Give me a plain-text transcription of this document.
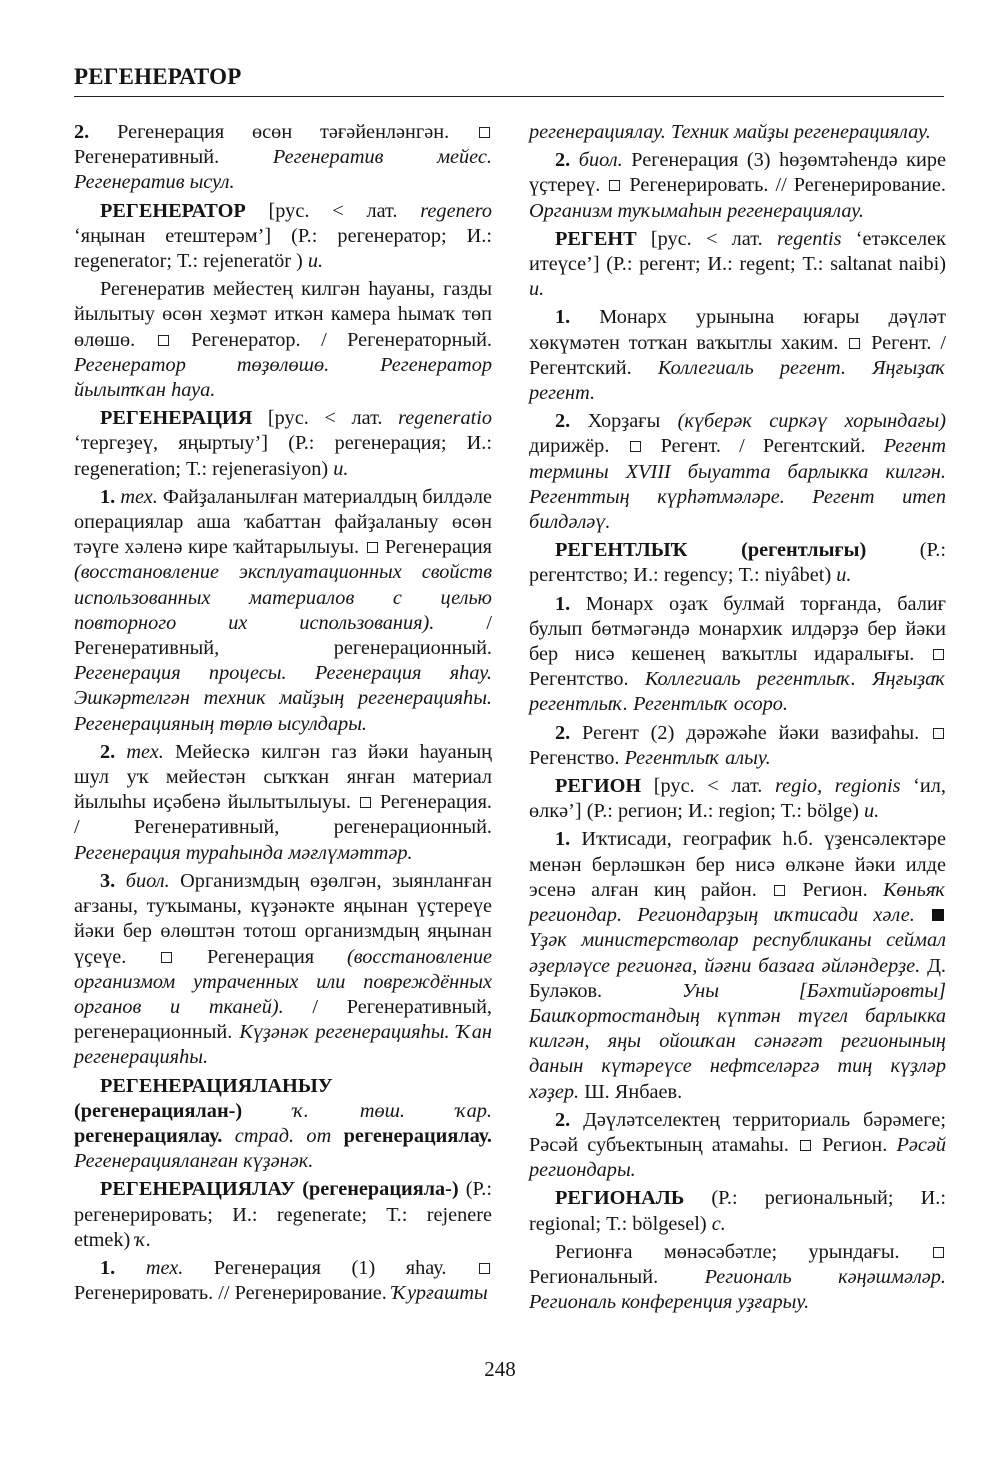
РЕГЕНЕРАТОР

2. Регенерация өсөн тәғәйенләнгән.  Регенеративный. Регенератив мейес. Регенератив ысул.

РЕГЕНЕРАТОР [рус. < лат. regenero ‘яңынан етештерәм’] (Р.: регенератор; И.: regenerator; Т.: rejeneratör ) и.

Регенератив мейестең килгән һауаны, газды йылытыу өсөн хеҙмәт иткән камера һымаҡ төп өлөшө.  Регенератор. / Регенераторный. Регенератор төҙөлөшө. Регенератор йылытҡан һауа.

РЕГЕНЕРАЦИЯ [рус. < лат. regeneratio ‘тергеҙеү, яңыртыу’] (Р.: регенерация; И.: regeneration; Т.: rejenerasiyon) и.

1. тех. Файҙаланылған материалдың билдәле операциялар аша ҡабаттан файҙаланыу өсөн тәүге хәленә кире ҡайтарылыуы.  Регенерация (восстановление эксплуатационных свойств использованных материалов с целью повторного их использования). / Регенеративный, регенерационный. Регенерация процесы. Регенерация яһау. Эшкәртелгән техник майҙың регенерацияһы. Регенерацияның төрлө ысулдары.

2. тех. Мейескә килгән газ йәки һауаның шул уҡ мейестән сыҡҡан янған материал йылыһы иҫәбенә йылытылыуы.  Регенерация. / Регенеративный, регенерационный. Регенерация тураһында мәғлүмәттәр.

3. биол. Организмдың өҙөлгән, зыянланған ағзаны, туҡыманы, күҙәнәкте яңынан үҫтереүе йәки бер өлөштән тотош организмдың яңынан үҫеүе.  Регенерация (восстановление организмом утраченных или повреждённых органов и тканей). / Регенеративный, регенерационный. Күҙәнәк регенерацияһы. Ҡан регенерацияһы.

РЕГЕНЕРАЦИЯЛАНЫУ (регенерациялан-)	ҡ. төш. ҡар. регенерациялау. страд. от регенерациялау. Регенерацияланған күҙәнәк.

РЕГЕНЕРАЦИЯЛАУ (регенерацияла-) (Р.: регенерировать; И.: regenerate; Т.: rejenere etmek) ҡ.

1. тех. Регенерация (1) яһау.  Регенерировать. // Регенерирование. Ҡурғашты

регенерациялау. Техник майҙы регенерациялау.

2. биол. Регенерация (3) һөҙөмтәһендә кире үҫтереү.  Регенерировать. // Регенерирование. Организм туҡымаһын регенерациялау.

РЕГЕНТ [рус. < лат. regentis ‘етәкселек итеүсе’] (Р.: регент; И.: regent; Т.: saltanat naibi) и.

1. Монарх урынына юғары дәүләт хөкүмәтен тотҡан ваҡытлы хаким.  Регент. / Регентский. Коллегиаль регент. Яңғыҙаҡ регент.

2. Хорҙағы (күберәк сиркәү хорындағы) дирижёр.  Регент. / Регентский. Регент термины XVIII быуатта барлыкка килгән. Регенттың күрһәтмәләре. Регент итеп билдәләү.

РЕГЕНТЛЫҠ	(регентлығы) (Р.: регентство; И.: regency; Т.: niyâbet) и.

1. Монарх оҙаҡ булмай торғанда, балиғ булып бөтмәгәндә монархик илдәрҙә бер йәки бер нисә кешенең ваҡытлы идаралығы.  Регентство. Коллегиаль регентлыҡ. Яңғыҙаҡ регентлыҡ. Регентлыҡ осоро.

2. Регент (2) дәрәжәһе йәки вазифаһы.  Регенство. Регентлыҡ алыу.

РЕГИОН [рус. < лат. regio, regionis ‘ил, өлкә’] (Р.: регион; И.: region; Т.: bölge) и.

1. Иҡтисади, географик һ.б. үҙенсәлектәре менән берләшкән бер нисә өлкәне йәки илде эсенә алған киң район.  Регион. Көньяҡ региондар. Региондарҙың иҡтисади хәле.  Үҙәк министерстволар республиканы сеймал әҙерләүсе регионға, йәғни базаға әйләндерҙе. Д. Буләков. Уны [Бәхтийәровты] Башҡортостандың күптән түгел барлыкка килгән, яңы ойошҡан сәнәғәт регионының данын күтәреүсе нефтселәргә тиң күҙләр хәҙер. Ш. Янбаев.

2. Дәүләтселектең территориаль бәрәмеге; Рәсәй субъектының атамаһы.  Регион. Рәсәй региондары.

РЕГИОНАЛЬ (Р.: региональный; И.: regional; Т.: bölgesel) с.

Регионға мөнәсәбәтле; урындағы.  Региональный. Региональ кәңәшмәләр. Региональ конференция уҙғарыу.

248
